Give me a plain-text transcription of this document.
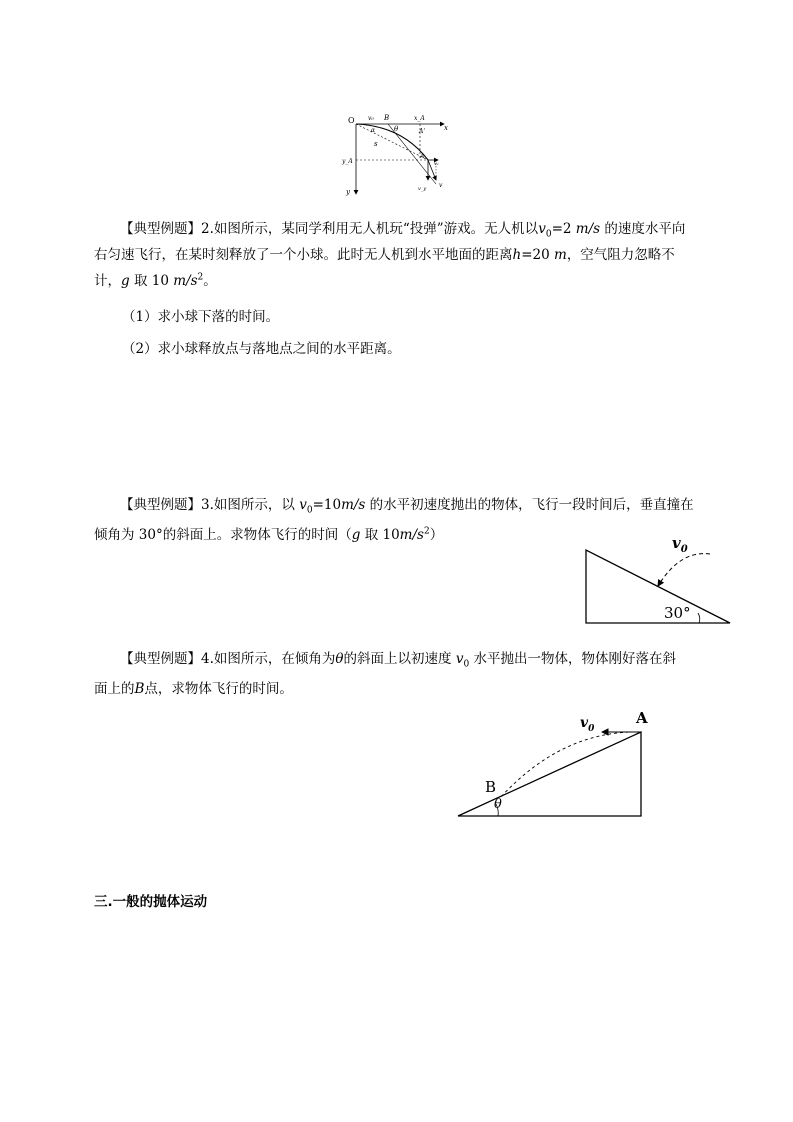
O v₀ B	x_A
A'	x
α	θ
s
A
vₓ
y_A
v_y v
y
【典型例题】2.如图所示，某同学利用无人机玩“投弹”游戏。无人机以$v_0=2$ m/s 的速度水平向
右匀速飞行，在某时刻释放了一个小球。此时无人机到水平地面的距离h=20 m，空气阻力忽略不
计，g 取 10 $m/s^2$。
（1）求小球下落的时间。
（2）求小球释放点与落地点之间的水平距离。
【典型例题】3.如图所示，以 $v_0=10m/s$ 的水平初速度抛出的物体，飞行一段时间后，垂直撞在
倾角为 30°的斜面上。求物体飞行的时间（g 取 $10m/s^2$）	$v_0$
30°
【典型例题】4.如图所示，在倾角为θ的斜面上以初速度 $v_0$ 水平抛出一物体，物体刚好落在斜
面上的B点，求物体飞行的时间。
$v_0$
A
B
θ
三.一般的抛体运动
